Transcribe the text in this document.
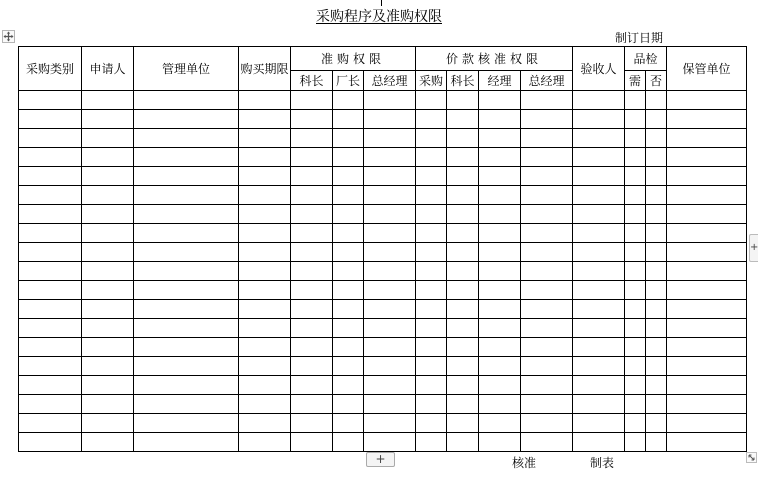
采购程序及准购权限
制订日期
采购类别	申请人	管理单位	购买期限	准购权限			价款核准权限				验收人	品检		保管单位
				科长	厂长	总经理	采购	科长	经理	总经理		需	否	

+	核准	制表
+
